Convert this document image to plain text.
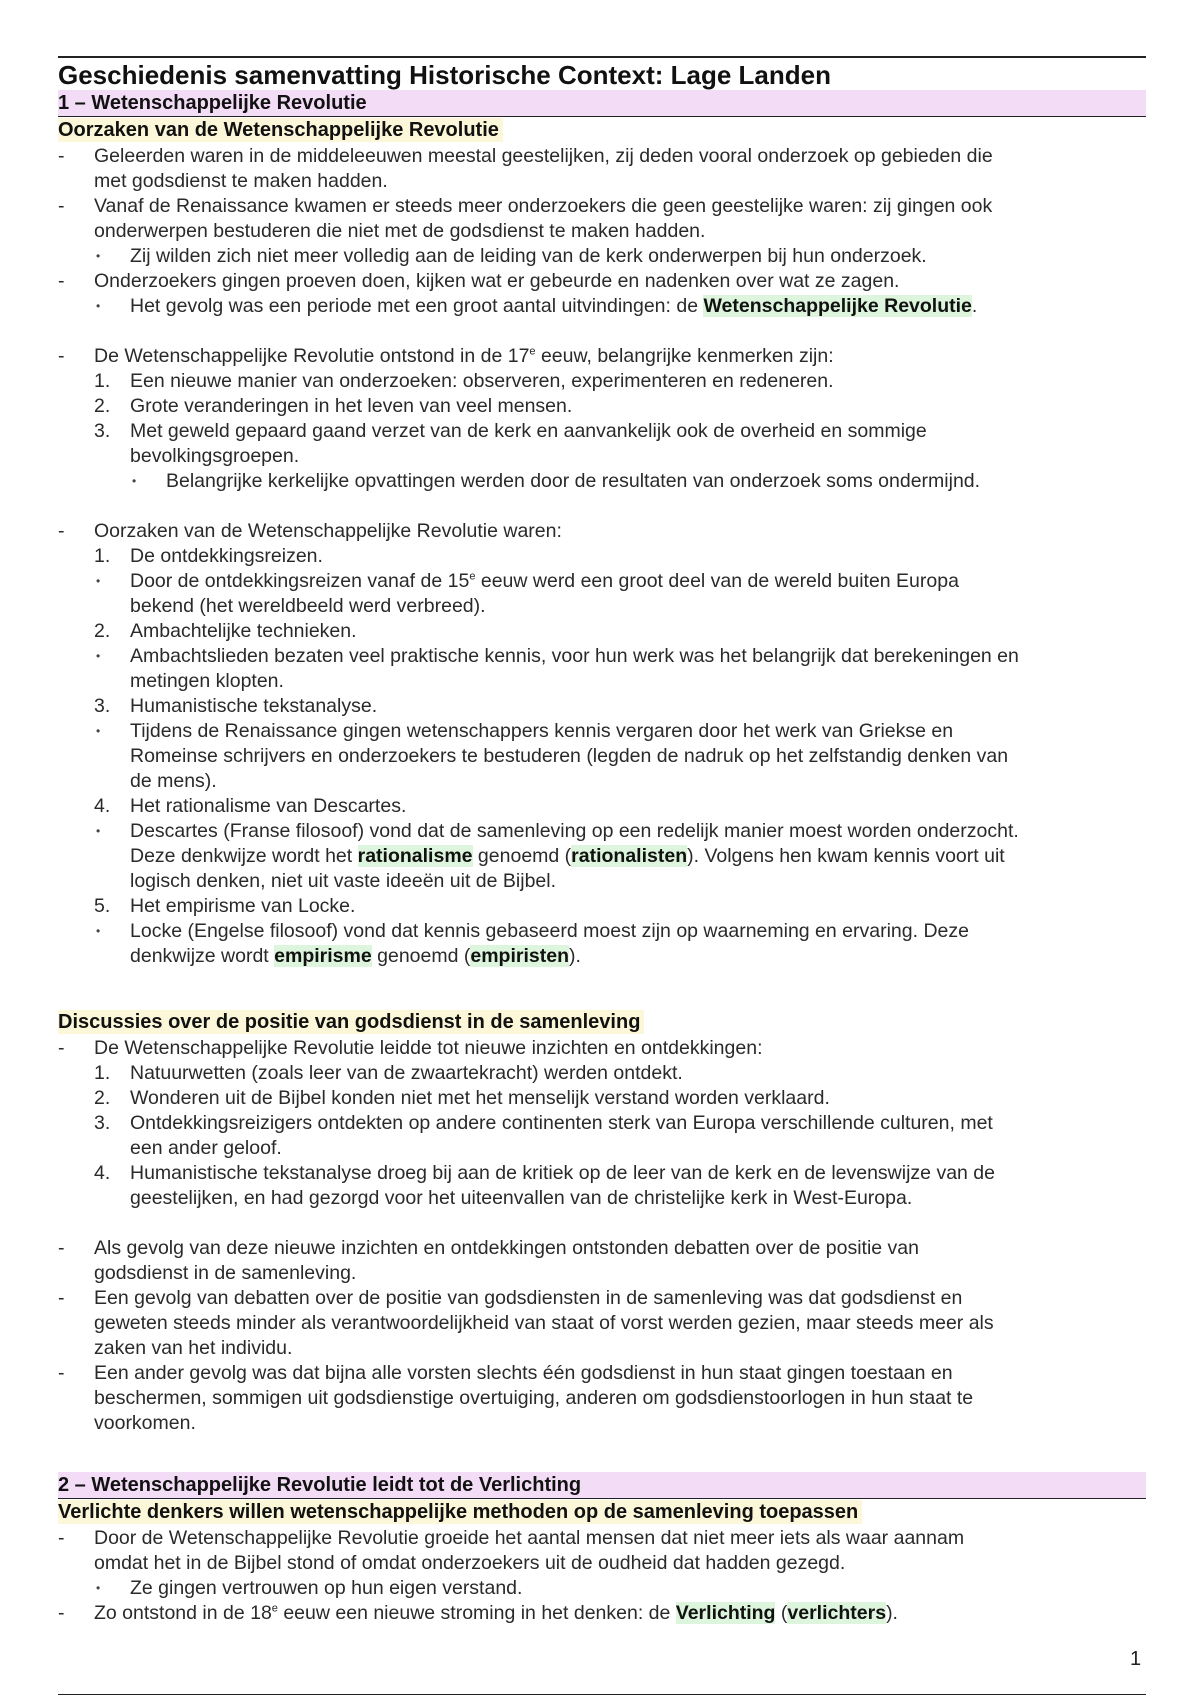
Geschiedenis samenvatting Historische Context: Lage Landen
1 – Wetenschappelijke Revolutie
Oorzaken van de Wetenschappelijke Revolutie
- Geleerden waren in de middeleeuwen meestal geestelijken, zij deden vooral onderzoek op gebieden die
met godsdienst te maken hadden.
- Vanaf de Renaissance kwamen er steeds meer onderzoekers die geen geestelijke waren: zij gingen ook
onderwerpen bestuderen die niet met de godsdienst te maken hadden.
• Zij wilden zich niet meer volledig aan de leiding van de kerk onderwerpen bij hun onderzoek.
- Onderzoekers gingen proeven doen, kijken wat er gebeurde en nadenken over wat ze zagen.
• Het gevolg was een periode met een groot aantal uitvindingen: de Wetenschappelijke Revolutie.
- De Wetenschappelijke Revolutie ontstond in de 17e eeuw, belangrijke kenmerken zijn:
1. Een nieuwe manier van onderzoeken: observeren, experimenteren en redeneren.
2. Grote veranderingen in het leven van veel mensen.
3. Met geweld gepaard gaand verzet van de kerk en aanvankelijk ook de overheid en sommige
bevolkingsgroepen.
• Belangrijke kerkelijke opvattingen werden door de resultaten van onderzoek soms ondermijnd.
- Oorzaken van de Wetenschappelijke Revolutie waren:
1. De ontdekkingsreizen.
• Door de ontdekkingsreizen vanaf de 15e eeuw werd een groot deel van de wereld buiten Europa
bekend (het wereldbeeld werd verbreed).
2. Ambachtelijke technieken.
• Ambachtslieden bezaten veel praktische kennis, voor hun werk was het belangrijk dat berekeningen en
metingen klopten.
3. Humanistische tekstanalyse.
• Tijdens de Renaissance gingen wetenschappers kennis vergaren door het werk van Griekse en
Romeinse schrijvers en onderzoekers te bestuderen (legden de nadruk op het zelfstandig denken van
de mens).
4. Het rationalisme van Descartes.
• Descartes (Franse filosoof) vond dat de samenleving op een redelijk manier moest worden onderzocht.
Deze denkwijze wordt het rationalisme genoemd (rationalisten). Volgens hen kwam kennis voort uit
logisch denken, niet uit vaste ideeën uit de Bijbel.
5. Het empirisme van Locke.
• Locke (Engelse filosoof) vond dat kennis gebaseerd moest zijn op waarneming en ervaring. Deze
denkwijze wordt empirisme genoemd (empiristen).
Discussies over de positie van godsdienst in de samenleving
- De Wetenschappelijke Revolutie leidde tot nieuwe inzichten en ontdekkingen:
1. Natuurwetten (zoals leer van de zwaartekracht) werden ontdekt.
2. Wonderen uit de Bijbel konden niet met het menselijk verstand worden verklaard.
3. Ontdekkingsreizigers ontdekten op andere continenten sterk van Europa verschillende culturen, met
een ander geloof.
4. Humanistische tekstanalyse droeg bij aan de kritiek op de leer van de kerk en de levenswijze van de
geestelijken, en had gezorgd voor het uiteenvallen van de christelijke kerk in West-Europa.
- Als gevolg van deze nieuwe inzichten en ontdekkingen ontstonden debatten over de positie van
godsdienst in de samenleving.
- Een gevolg van debatten over de positie van godsdiensten in de samenleving was dat godsdienst en
geweten steeds minder als verantwoordelijkheid van staat of vorst werden gezien, maar steeds meer als
zaken van het individu.
- Een ander gevolg was dat bijna alle vorsten slechts één godsdienst in hun staat gingen toestaan en
beschermen, sommigen uit godsdienstige overtuiging, anderen om godsdienstoorlogen in hun staat te
voorkomen.
2 – Wetenschappelijke Revolutie leidt tot de Verlichting
Verlichte denkers willen wetenschappelijke methoden op de samenleving toepassen
- Door de Wetenschappelijke Revolutie groeide het aantal mensen dat niet meer iets als waar aannam
omdat het in de Bijbel stond of omdat onderzoekers uit de oudheid dat hadden gezegd.
• Ze gingen vertrouwen op hun eigen verstand.
- Zo ontstond in de 18e eeuw een nieuwe stroming in het denken: de Verlichting (verlichters).
1
